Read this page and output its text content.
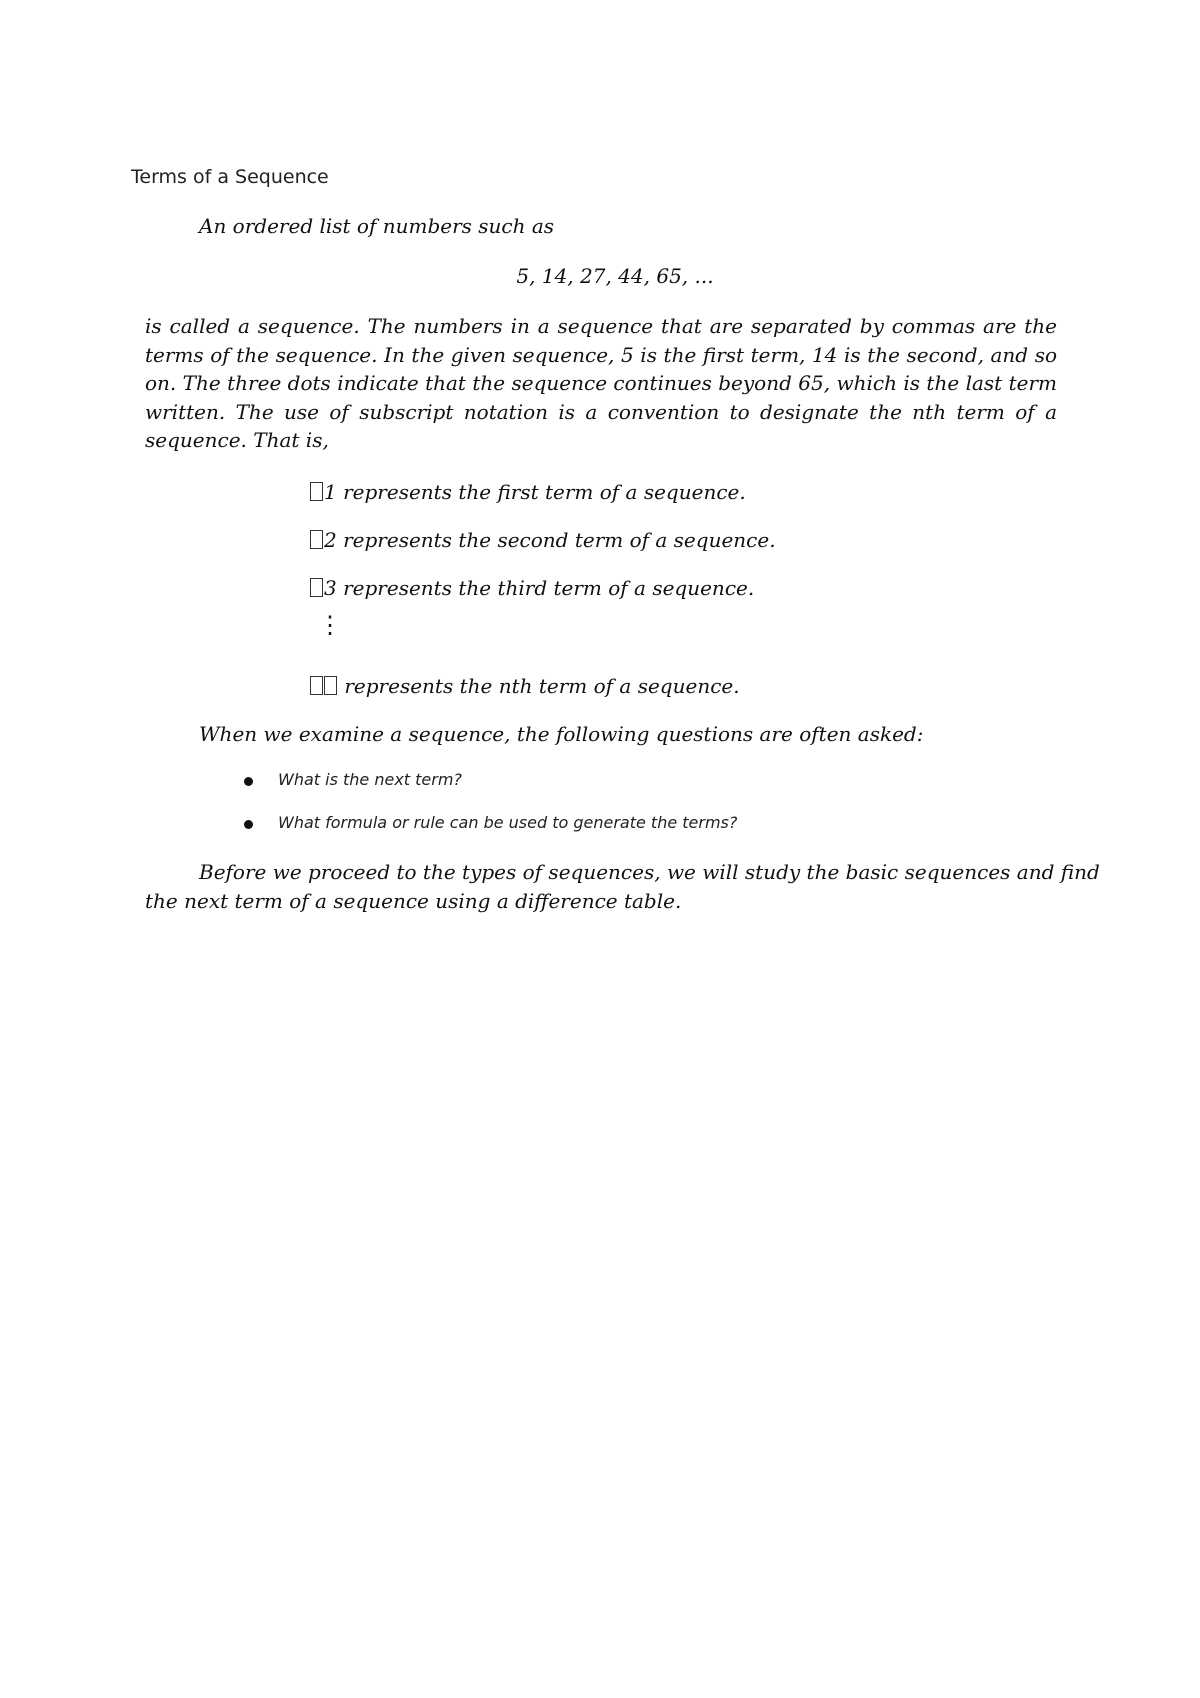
Terms of a Sequence
An ordered list of numbers such as
5, 14, 27, 44, 65, ...

is called a sequence. The numbers in a sequence that are separated by commas are the terms of the sequence. In the given sequence, 5 is the first term, 14 is the second, and so on. The three dots indicate that the sequence continues beyond 65, which is the last term written. The use of subscript notation is a convention to designate the nth term of a sequence. That is,

1 represents the first term of a sequence.
2 represents the second term of a sequence.
3 represents the third term of a sequence.
⋮
represents the nth term of a sequence.
When we examine a sequence, the following questions are often asked:
What is the next term?
What formula or rule can be used to generate the terms?

Before we proceed to the types of sequences, we will study the basic sequences and find the next term of a sequence using a difference table.
